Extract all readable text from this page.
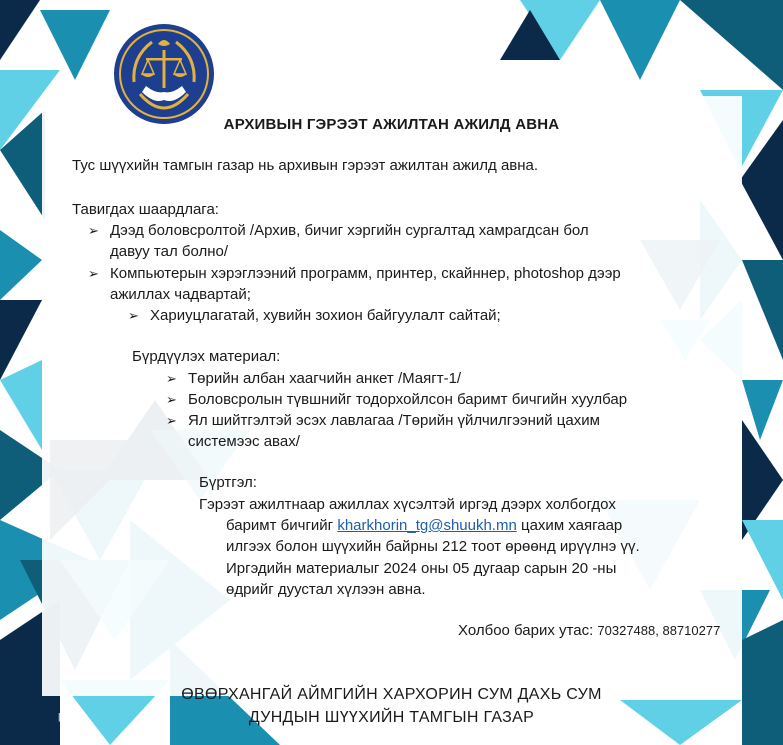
АРХИВЫН ГЭРЭЭТ АЖИЛТАН АЖИЛД АВНА
Тус шүүхийн тамгын газар нь архивын гэрээт ажилтан ажилд авна.
Тавигдах шаардлага:
➢ Дээд боловсролтой /Архив, бичиг хэргийн сургалтад хамрагдсан бол
давуу тал болно/
➢ Компьютерын хэрэглээний программ, принтер, скайннер, photoshop дээр
ажиллах чадвартай;
➢ Хариуцлагатай, хувийн зохион байгуулалт сайтай;
Бүрдүүлэх материал:
➢ Төрийн албан хаагчийн анкет /Маягт-1/
➢ Боловсролын түвшнийг тодорхойлсон баримт бичгийн хуулбар
➢ Ял шийтгэлтэй эсэх лавлагаа /Төрийн үйлчилгээний цахим
системээс авах/
Бүртгэл:
Гэрээт ажилтнаар ажиллах хүсэлтэй иргэд дээрх холбогдох
баримт бичгийг kharkhorin_tg@shuukh.mn цахим хаягаар
илгээх болон шүүхийн байрны 212 тоот өрөөнд ирүүлнэ үү.
Иргэдийн материалыг 2024 оны 05 дугаар сарын 20 -ны
өдрийг дуустал хүлээн авна.
Холбоо барих утас: 70327488, 88710277
ӨВӨРХАНГАЙ АЙМГИЙН ХАРХОРИН СУМ ДАХЬ СУМ
ДУНДЫН ШҮҮХИЙН ТАМГЫН ГАЗАР
pixel
